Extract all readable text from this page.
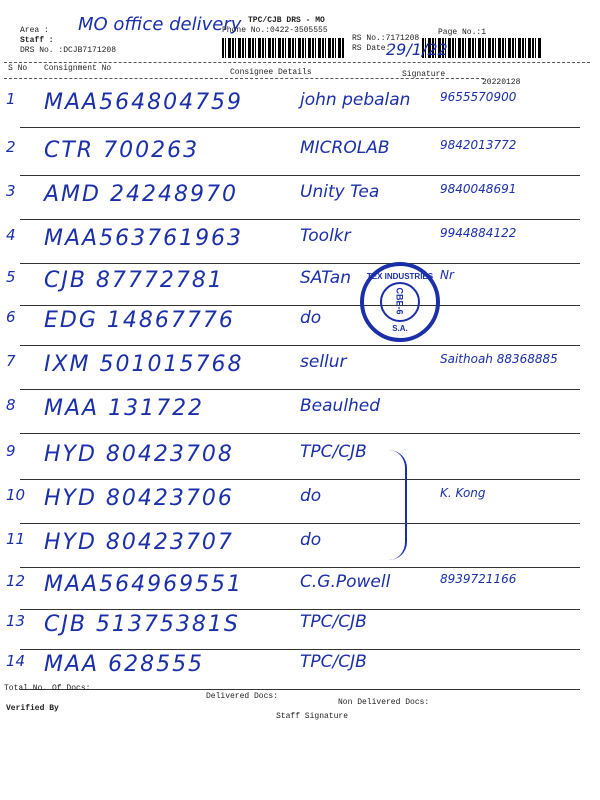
Area :
Staff :
DRS No. :DCJB7171208
MO office delivery TPC/CJB DRS - MO
Phone No.:0422-3505555
RS No.:7171208
RS Date:
29/1/22
Page No.:1
S No Consignment No	Consignee Details	Signature
20220128
1 MAA564804759	john pebalan 9655570900
2 CTR 700263	MICROLAB	9842013772
3 AMD 24248970	Unity Tea	9840048691
4 MAA563761963	Toolkr	9944884122
5 CJB 87772781	SATan	Nr
6 EDG 14867776	do
7 IXM 501015768	sellur	Saithoah 88368885
8 MAA 131722	Beaulhed
9 HYD 80423708	TPC/CJB
10 HYD 80423706	do	K. Kong
11 HYD 80423707	do
12 MAA564969551	C.G.Powell	8939721166
13 CJB 51375381S	TPC/CJB
14 MAA 628555	TPC/CJB
TEX INDUSTRIES
S.A.
CBE-6
Total No. Of Docs:
Delivered Docs:
Non Delivered Docs:
Verified By
Staff Signature
